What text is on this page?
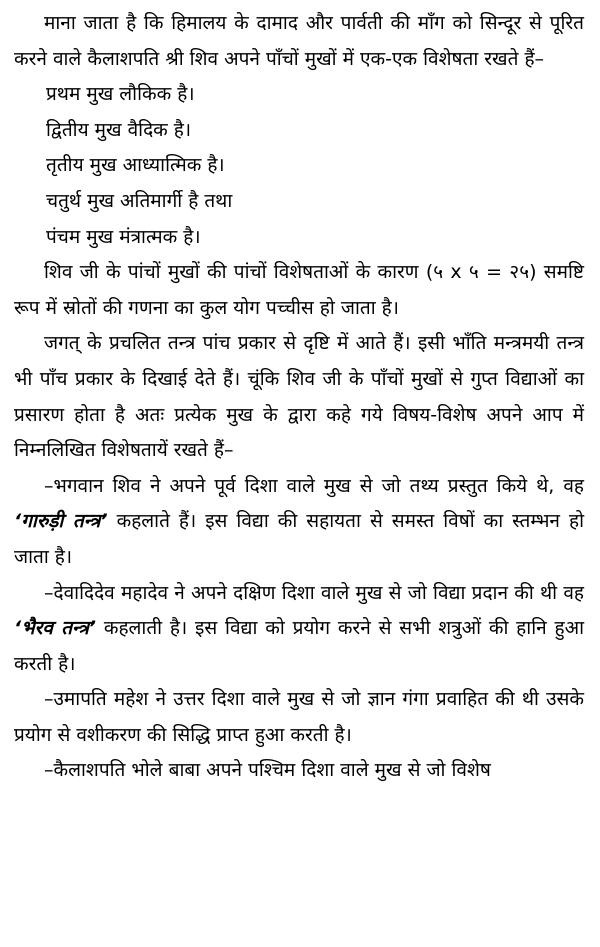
माना जाता है कि हिमालय के दामाद और पार्वती की माँग को सिन्दूर से पूरित करने वाले कैलाशपति श्री शिव अपने पाँचों मुखों में एक-एक विशेषता रखते हैं–

प्रथम मुख लौकिक है।

द्वितीय मुख वैदिक है।

तृतीय मुख आध्यात्मिक है।

चतुर्थ मुख अतिमार्गी है तथा

पंचम मुख मंत्रात्मक है।

शिव जी के पांचों मुखों की पांचों विशेषताओं के कारण (५ x ५ = २५) समष्टि रूप में स्रोतों की गणना का कुल योग पच्चीस हो जाता है।

जगत् के प्रचलित तन्त्र पांच प्रकार से दृष्टि में आते हैं। इसी भाँति मन्त्रमयी तन्त्र भी पाँच प्रकार के दिखाई देते हैं। चूंकि शिव जी के पाँचों मुखों से गुप्त विद्याओं का प्रसारण होता है अतः प्रत्येक मुख के द्वारा कहे गये विषय-विशेष अपने आप में निम्नलिखित विशेषतायें रखते हैं–

–भगवान शिव ने अपने पूर्व दिशा वाले मुख से जो तथ्य प्रस्तुत किये थे, वह ‘गारुड़ी तन्त्र’ कहलाते हैं। इस विद्या की सहायता से समस्त विषों का स्तम्भन हो जाता है।

–देवादिदेव महादेव ने अपने दक्षिण दिशा वाले मुख से जो विद्या प्रदान की थी वह ‘भैरव तन्त्र’ कहलाती है। इस विद्या को प्रयोग करने से सभी शत्रुओं की हानि हुआ करती है।

–उमापति महेश ने उत्तर दिशा वाले मुख से जो ज्ञान गंगा प्रवाहित की थी उसके प्रयोग से वशीकरण की सिद्धि प्राप्त हुआ करती है।

–कैलाशपति भोले बाबा अपने पश्चिम दिशा वाले मुख से जो विशेष
